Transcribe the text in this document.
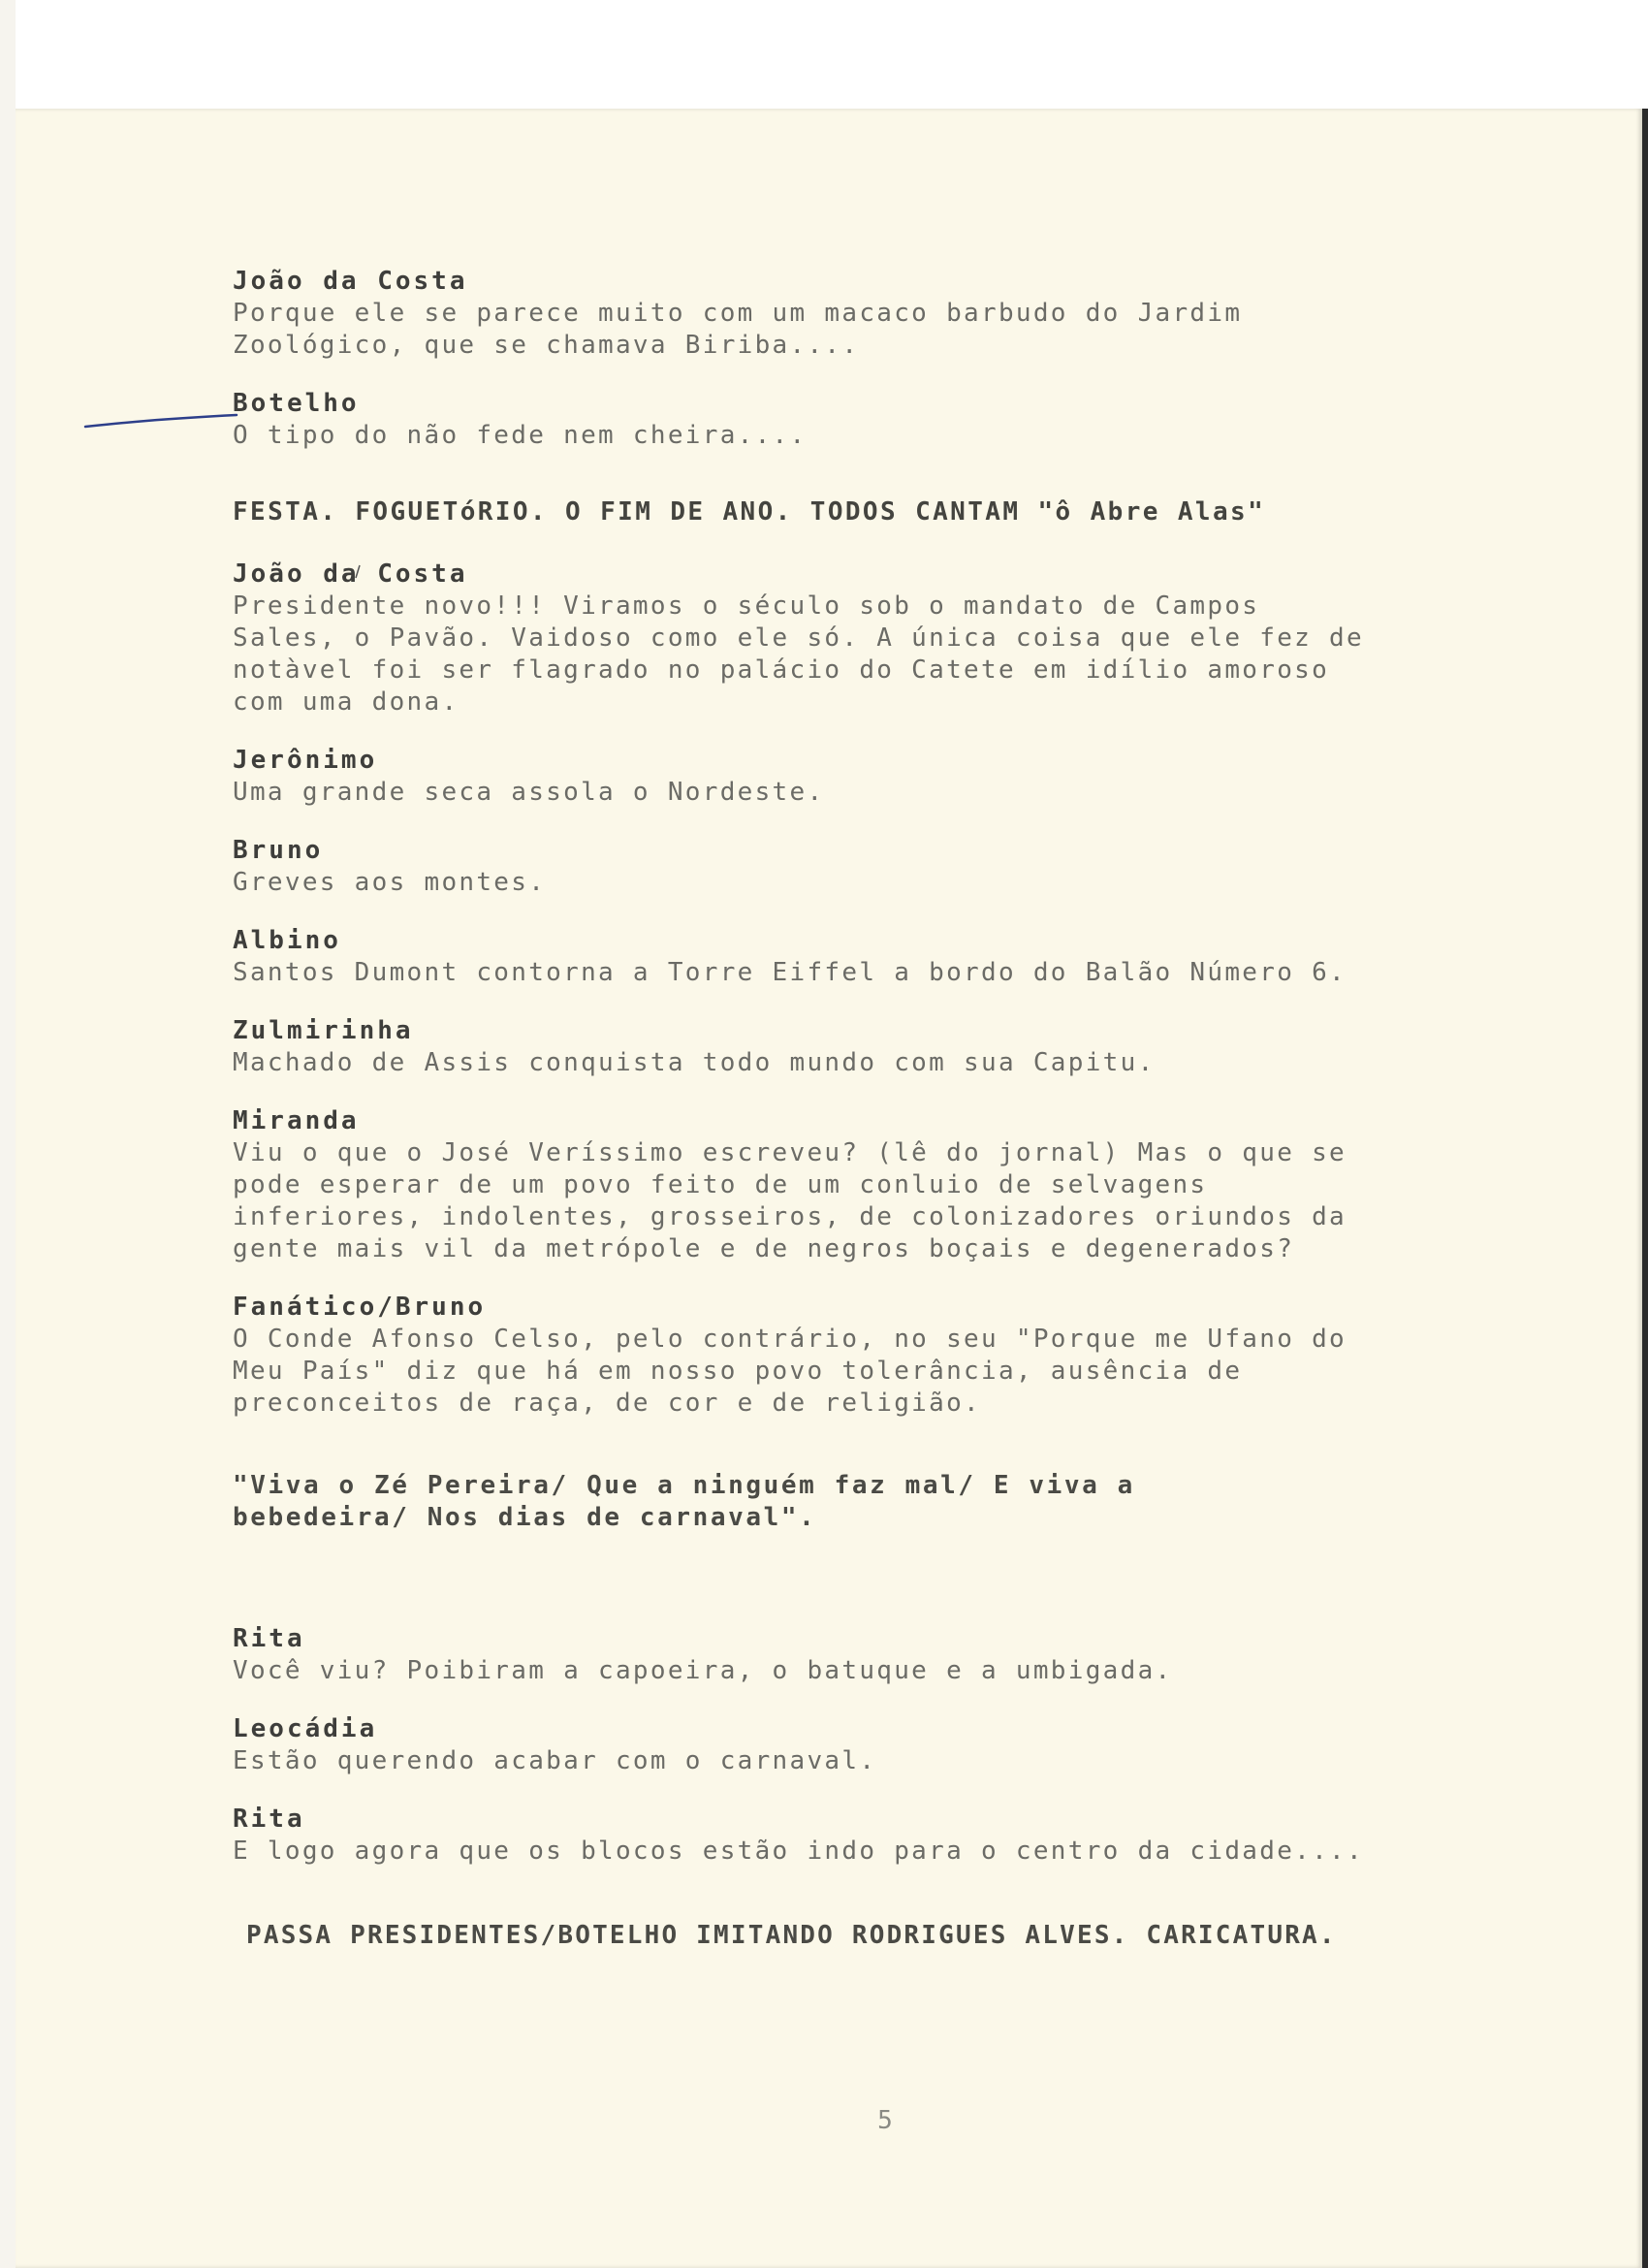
João da Costa
Porque ele se parece muito com um macaco barbudo do Jardim
Zoológico, que se chamava Biriba....
Botelho
O tipo do não fede nem cheira....
FESTA. FOGUETóRIO. O FIM DE ANO. TODOS CANTAM "ô Abre Alas"
João da Costa
Presidente novo!!! Viramos o século sob o mandato de Campos
Sales, o Pavão. Vaidoso como ele só. A única coisa que ele fez de
notàvel foi ser flagrado no palácio do Catete em idílio amoroso
com uma dona.
Jerônimo
Uma grande seca assola o Nordeste.
Bruno
Greves aos montes.
Albino
Santos Dumont contorna a Torre Eiffel a bordo do Balão Número 6.
Zulmirinha
Machado de Assis conquista todo mundo com sua Capitu.
Miranda
Viu o que o José Veríssimo escreveu? (lê do jornal) Mas o que se
pode esperar de um povo feito de um conluio de selvagens
inferiores, indolentes, grosseiros, de colonizadores oriundos da
gente mais vil da metrópole e de negros boçais e degenerados?
Fanático/Bruno
O Conde Afonso Celso, pelo contrário, no seu "Porque me Ufano do
Meu País" diz que há em nosso povo tolerância, ausência de
preconceitos de raça, de cor e de religião.
"Viva o Zé Pereira/ Que a ninguém faz mal/ E viva a
bebedeira/ Nos dias de carnaval".
Rita
Você viu? Poibiram a capoeira, o batuque e a umbigada.
Leocádia
Estão querendo acabar com o carnaval.
Rita
E logo agora que os blocos estão indo para o centro da cidade....
PASSA PRESIDENTES/BOTELHO IMITANDO RODRIGUES ALVES. CARICATURA.
5
